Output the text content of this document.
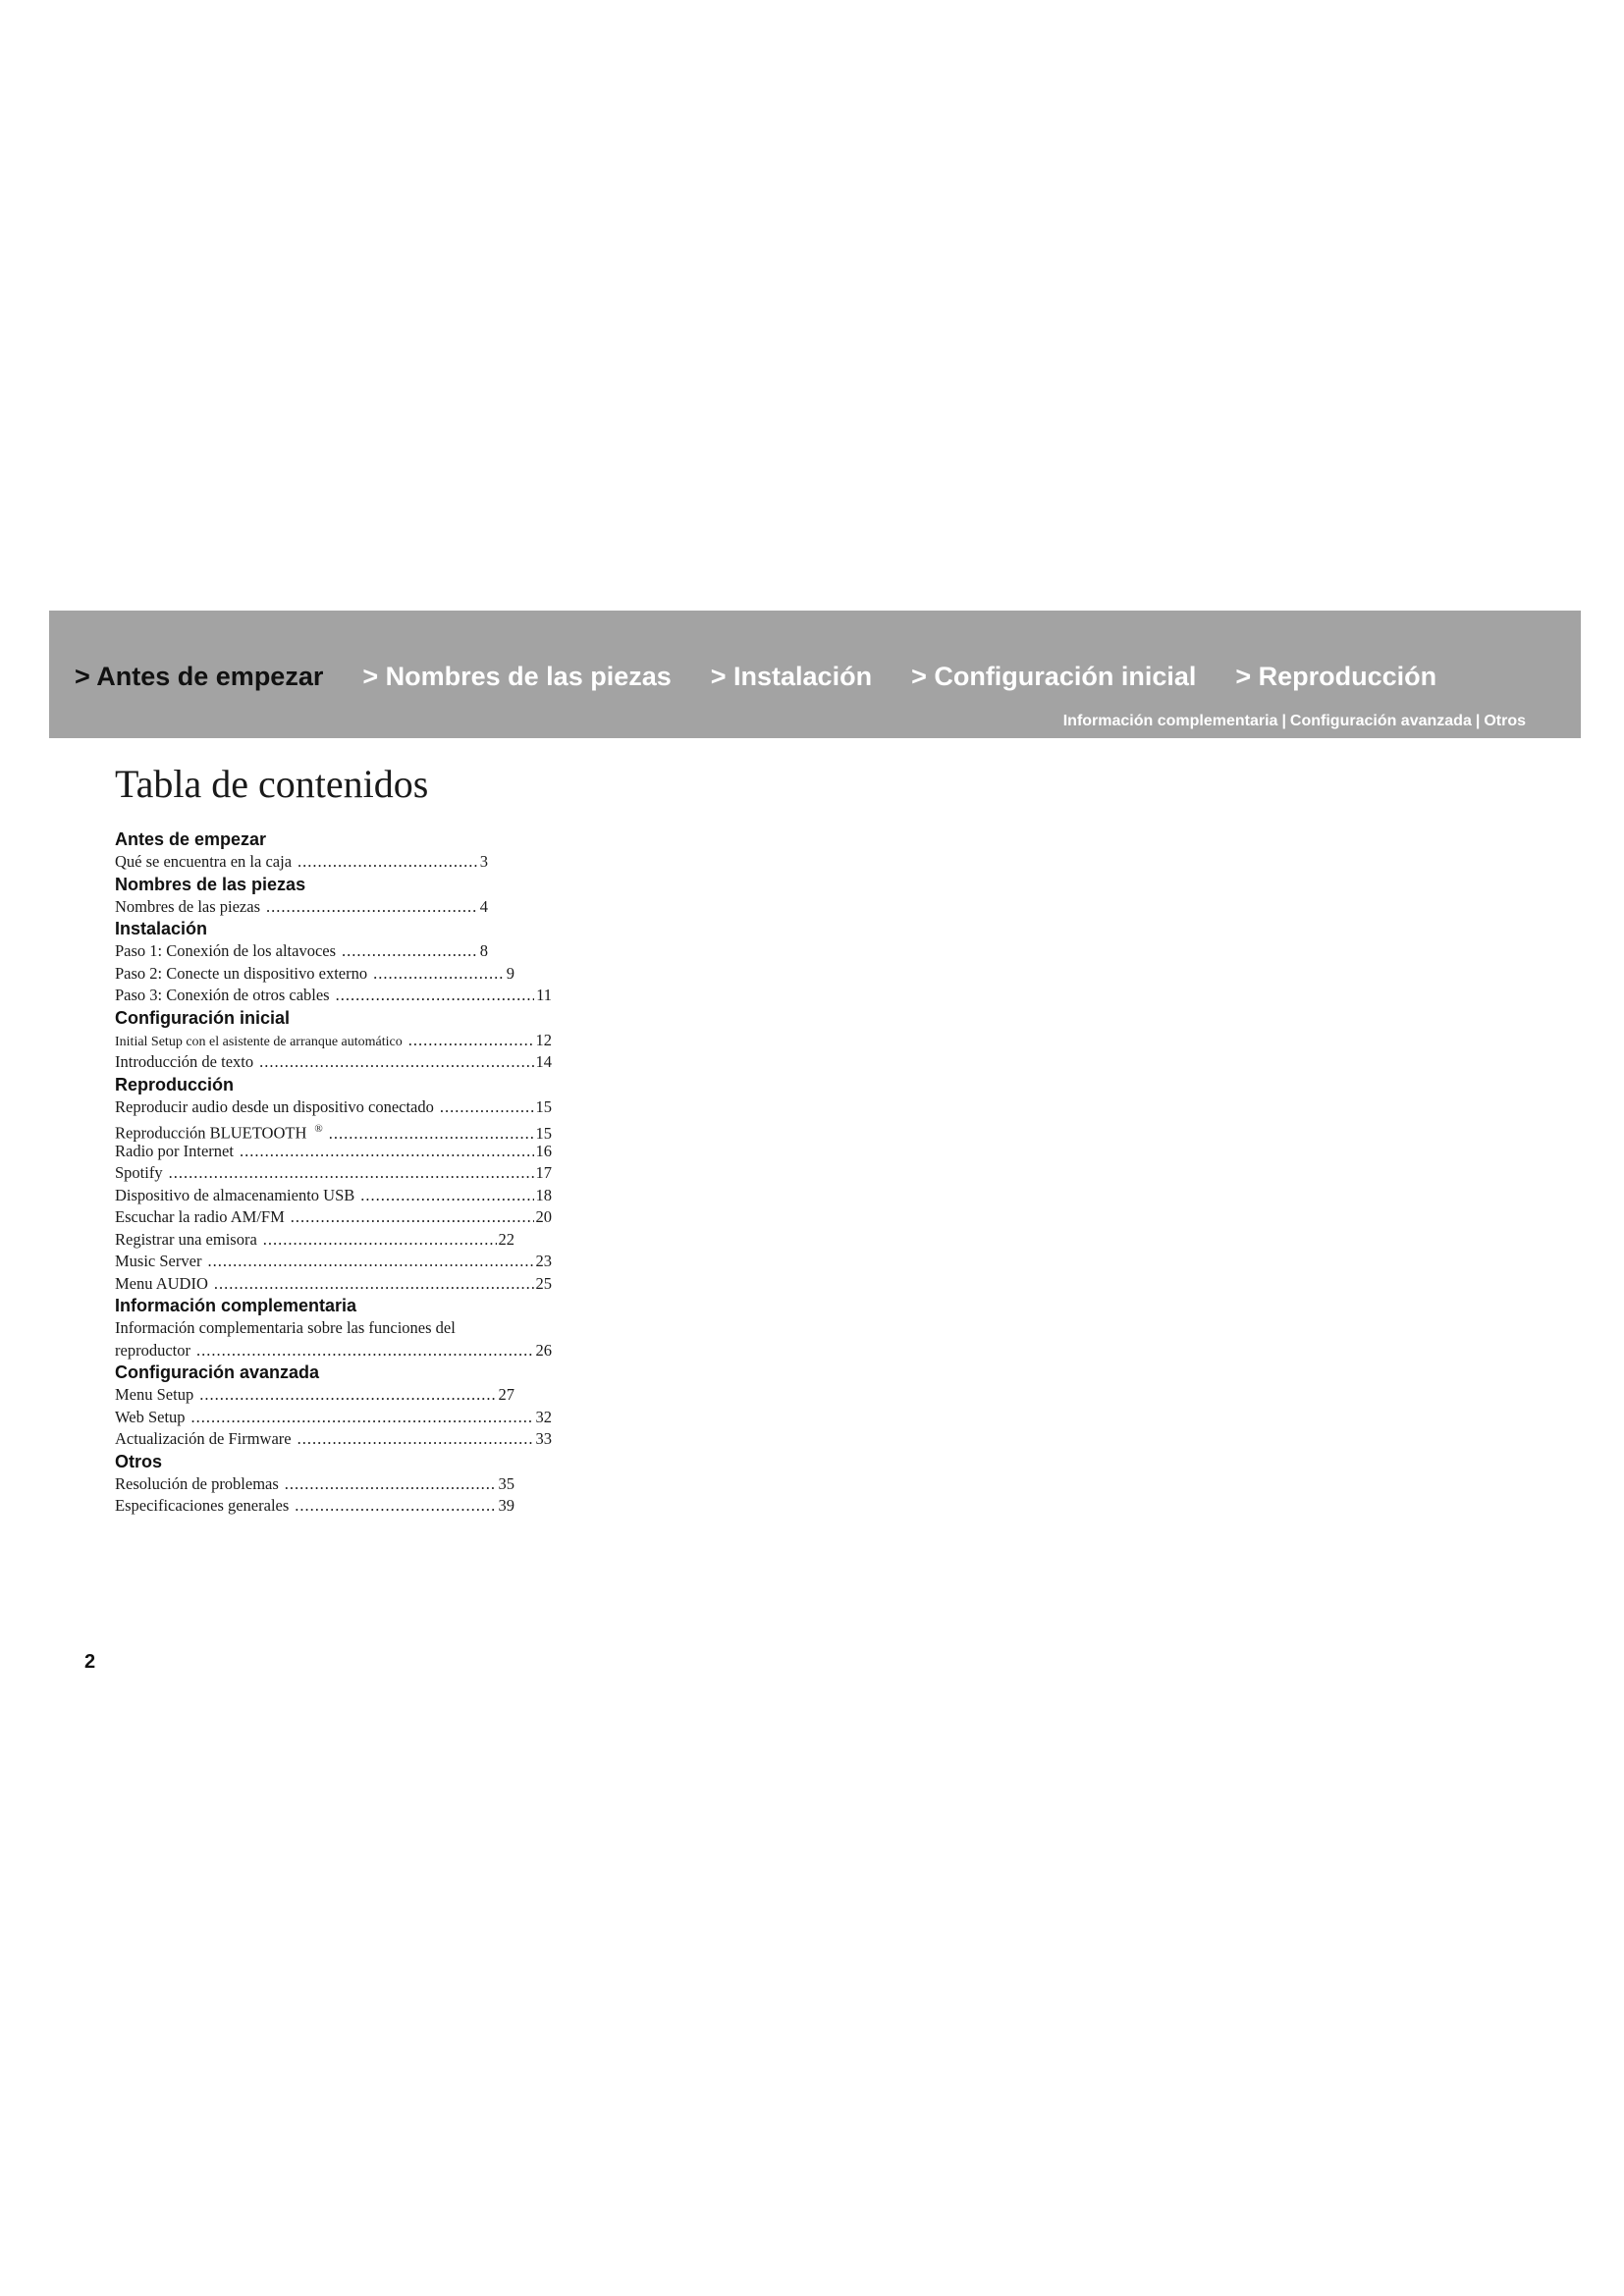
> Antes de empezar > Nombres de las piezas > Instalación > Configuración inicial > Reproducción
Información complementaria | Configuración avanzada | Otros
Tabla de contenidos
Antes de empezar
Qué se encuentra en la caja .....	3
Nombres de las piezas
Nombres de las piezas .....	4
Instalación
Paso 1: Conexión de los altavoces .....	8
Paso 2: Conecte un dispositivo externo .....	9
Paso 3: Conexión de otros cables .....	11
Configuración inicial
Initial Setup con el asistente de arranque automático .....	12
Introducción de texto .....	14
Reproducción
Reproducir audio desde un dispositivo conectado .....	15
Reproducción BLUETOOTH ® .....	15
Radio por Internet .....	16
Spotify .....	17
Dispositivo de almacenamiento USB .....	18
Escuchar la radio AM/FM .....	20
Registrar una emisora .....	22
Music Server .....	23
Menu AUDIO .....	25
Información complementaria
Información complementaria sobre las funciones del
reproductor .....	26
Configuración avanzada
Menu Setup .....	27
Web Setup .....	32
Actualización de Firmware .....	33
Otros
Resolución de problemas .....	35
Especificaciones generales .....	39
2
